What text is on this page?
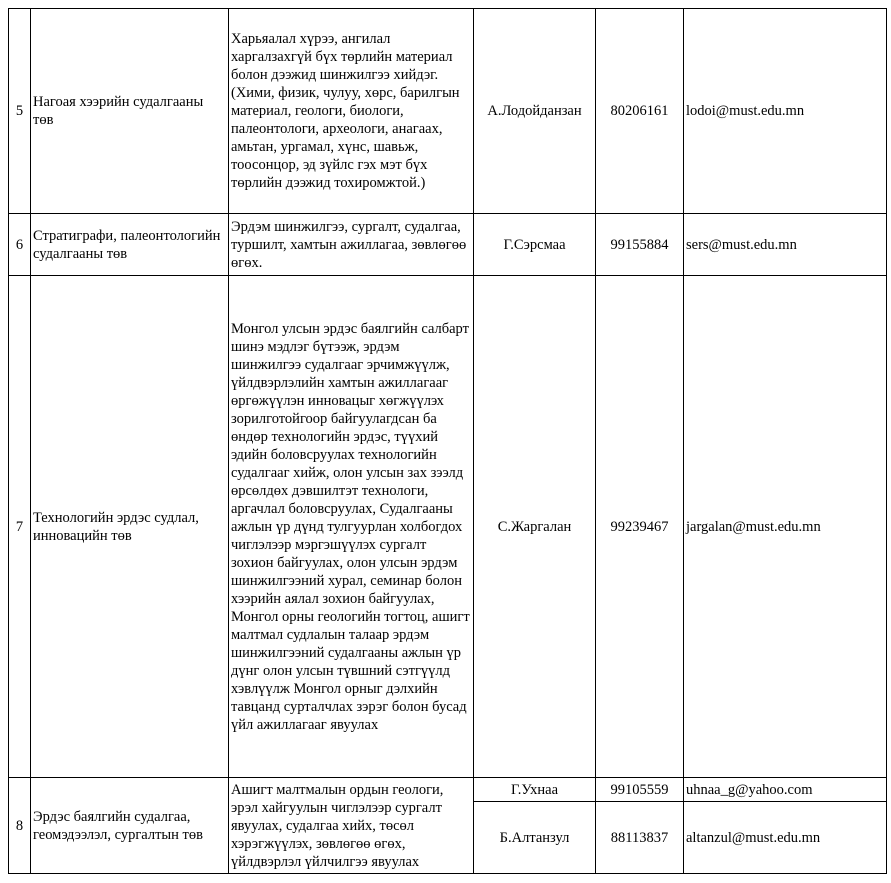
5	Нагоая хээрийн судалгааны төв	Харьяалал хүрээ, ангилал харгалзахгүй бүх төрлийн материал болон дээжид шинжилгээ хийдэг.
(Хими, физик, чулуу, хөрс, барилгын материал, геологи, биологи, палеонтологи, археологи, анагаах, амьтан, ургамал, хүнс, шавьж, тоосонцор, эд зүйлс гэх мэт бүх төрлийн дээжид тохиромжтой.)	А.Лодойданзан	80206161	lodoi@must.edu.mn
6	Стратиграфи, палеонтологийн судалгааны төв	Эрдэм шинжилгээ, сургалт, судалгаа, туршилт, хамтын ажиллагаа, зөвлөгөө өгөх.	Г.Сэрсмаа	99155884	sers@must.edu.mn
7	Технологийн эрдэс судлал, инновацийн төв	Монгол улсын эрдэс баялгийн салбарт шинэ мэдлэг бүтээж, эрдэм шинжилгээ судалгааг эрчимжүүлж, үйлдвэрлэлийн хамтын ажиллагааг өргөжүүлэн инновацыг хөгжүүлэх зорилготойгоор байгуулагдсан ба өндөр технологийн эрдэс, түүхий эдийн боловсруулах технологийн судалгааг хийж, олон улсын зах зээлд өрсөлдөх дэвшилтэт технологи, аргачлал боловсруулах, Судалгааны ажлын үр дүнд тулгуурлан холбогдох чиглэлээр мэргэшүүлэх сургалт зохион байгуулах, олон улсын эрдэм шинжилгээний хурал, семинар болон хээрийн аялал зохион байгуулах, Монгол орны геологийн тогтоц, ашигт малтмал судлалын талаар эрдэм шинжилгээний судалгааны ажлын үр дүнг олон улсын түвшний сэтгүүлд хэвлүүлж Монгол орныг дэлхийн тавцанд сурталчлах зэрэг болон бусад үйл ажиллагааг явуулах	С.Жаргалан	99239467	jargalan@must.edu.mn
8	Эрдэс баялгийн судалгаа, геомэдээлэл, сургалтын төв	Ашигт малтмалын ордын геологи, эрэл хайгуулын чиглэлээр сургалт явуулах, судалгаа хийх, төсөл хэрэгжүүлэх, зөвлөгөө өгөх, үйлдвэрлэл үйлчилгээ явуулах	Г.Ухнаа	99105559	uhnaa_g@yahoo.com
			Б.Алтанзул	88113837	altanzul@must.edu.mn
